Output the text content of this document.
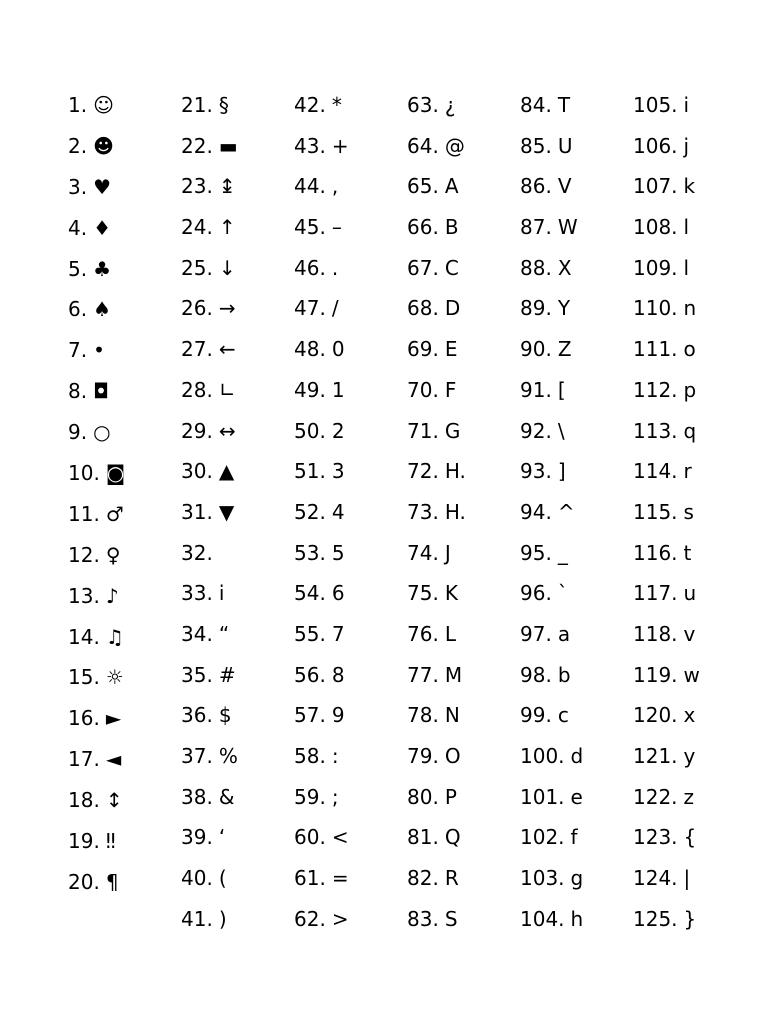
1. ☺
2. ☻
3. ♥
4. ♦
5. ♣
6. ♠
7. •
8. ◘
9. ○
10. ◙
11. ♂
12. ♀
13. ♪
14. ♫
15. ☼
16. ►
17. ◄
18. ↕
19. ‼
20. ¶
21. §
22. ▬
23. ↨
24. ↑
25. ↓
26. →
27. ←
28. ∟
29. ↔
30. ▲
31. ▼
32.
33. i
34. “
35. #
36. $
37. %
38. &
39. ‘
40. (
41. )
42. *
43. +
44. ,
45. –
46. .
47. /
48. 0
49. 1
50. 2
51. 3
52. 4
53. 5
54. 6
55. 7
56. 8
57. 9
58. :
59. ;
60. <
61. =
62. >
63. ¿
64. @
65. A
66. B
67. C
68. D
69. E
70. F
71. G
72. H.
73. H.
74. J
75. K
76. L
77. M
78. N
79. O
80. P
81. Q
82. R
83. S
84. T
85. U
86. V
87. W
88. X
89. Y
90. Z
91. [
92. \
93. ]
94. ^
95. _
96. `
97. a
98. b
99. c
100. d
101. e
102. f
103. g
104. h
105. i
106. j
107. k
108. l
109. l
110. n
111. o
112. p
113. q
114. r
115. s
116. t
117. u
118. v
119. w
120. x
121. y
122. z
123. {
124. |
125. }
